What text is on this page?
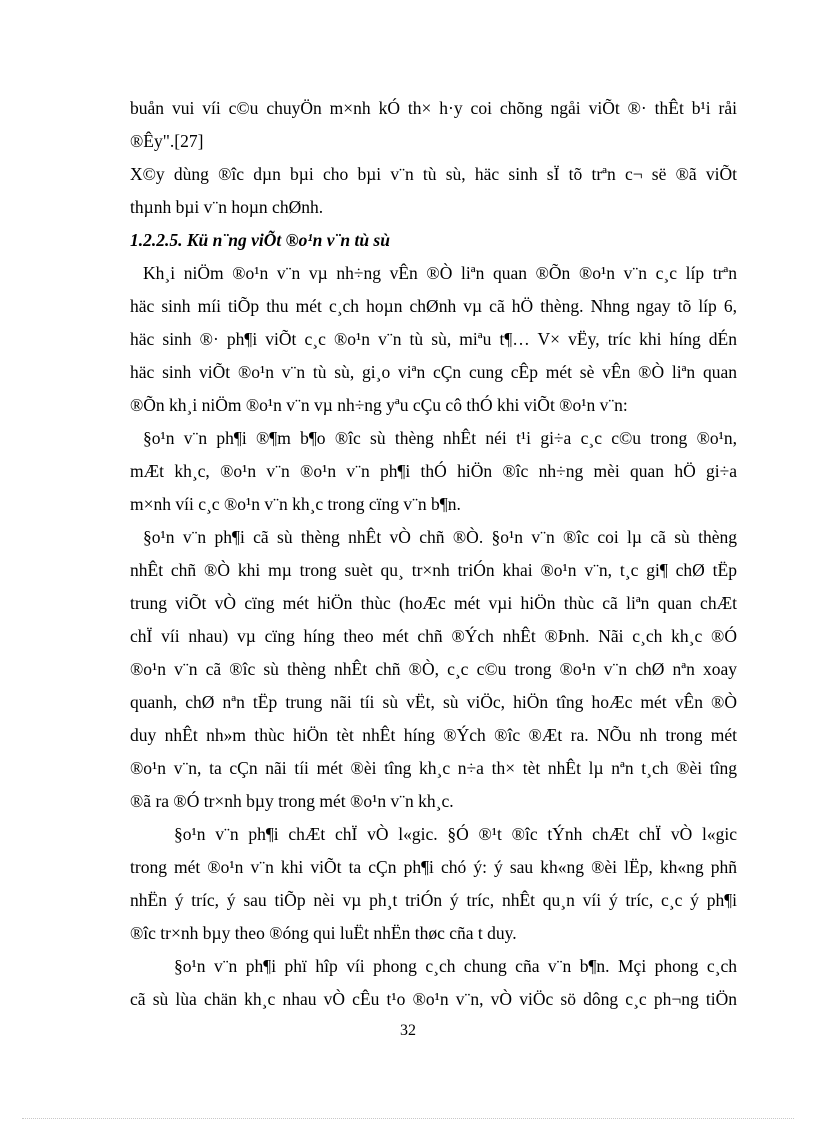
buån vui víi c©u chuyÖn m×nh kÓ th× h·y coi chõng ngåi viÕt ®· thÊt b¹i råi
®Êy".[27]
X©y dùng ®îc dµn bµi cho bµi v¨n tù sù, häc sinh sÏ tõ trªn c¬ së ®ã viÕt
thµnh bµi v¨n hoµn chØnh.
1.2.2.5. Kü n¨ng viÕt ®o¹n v¨n tù sù
Kh¸i niÖm ®o¹n v¨n vµ nh÷ng vÊn ®Ò liªn quan ®Õn ®o¹n v¨n c¸c líp trªn
häc sinh míi tiÕp thu mét c¸ch hoµn chØnh vµ cã hÖ thèng. Nhng ngay tõ líp 6,
häc sinh ®· ph¶i viÕt c¸c ®o¹n v¨n tù sù, miªu t¶… V× vËy, tríc khi híng dÉn
häc sinh viÕt ®o¹n v¨n tù sù, gi¸o viªn cÇn cung cÊp mét sè vÊn ®Ò liªn quan
®Õn kh¸i niÖm ®o¹n v¨n vµ nh÷ng yªu cÇu cô thÓ khi viÕt ®o¹n v¨n:
§o¹n v¨n ph¶i ®¶m b¶o ®îc sù thèng nhÊt néi t¹i gi÷a c¸c c©u trong ®o¹n,
mÆt kh¸c, ®o¹n v¨n ®o¹n v¨n ph¶i thÓ hiÖn ®îc nh÷ng mèi quan hÖ gi÷a
m×nh víi c¸c ®o¹n v¨n kh¸c trong cïng v¨n b¶n.
§o¹n v¨n ph¶i cã sù thèng nhÊt vÒ chñ ®Ò. §o¹n v¨n ®îc coi lµ cã sù thèng
nhÊt chñ ®Ò khi mµ trong suèt qu¸ tr×nh triÓn khai ®o¹n v¨n, t¸c gi¶ chØ tËp
trung viÕt vÒ cïng mét hiÖn thùc (hoÆc mét vµi hiÖn thùc cã liªn quan chÆt
chÏ víi nhau) vµ cïng híng theo mét chñ ®Ých nhÊt ®Þnh. Nãi c¸ch kh¸c ®Ó
®o¹n v¨n cã ®îc sù thèng nhÊt chñ ®Ò, c¸c c©u trong ®o¹n v¨n chØ nªn xoay
quanh, chØ nªn tËp trung nãi tíi sù vËt, sù viÖc, hiÖn tîng hoÆc mét vÊn ®Ò
duy nhÊt nh»m thùc hiÖn tèt nhÊt híng ®Ých ®îc ®Æt ra. NÕu nh trong mét
®o¹n v¨n, ta cÇn nãi tíi mét ®èi tîng kh¸c n÷a th× tèt nhÊt lµ nªn t¸ch ®èi tîng
®ã ra ®Ó tr×nh bµy trong mét ®o¹n v¨n kh¸c.
§o¹n v¨n ph¶i chÆt chÏ vÒ l«gic. §Ó ®¹t ®îc tÝnh chÆt chÏ vÒ l«gic
trong mét ®o¹n v¨n khi viÕt ta cÇn ph¶i chó ý: ý sau kh«ng ®èi lËp, kh«ng phñ
nhËn ý tríc, ý sau tiÕp nèi vµ ph¸t triÓn ý tríc, nhÊt qu¸n víi ý tríc, c¸c ý ph¶i
®îc tr×nh bµy theo ®óng qui luËt nhËn thøc cña t duy.
§o¹n v¨n ph¶i phï hîp víi phong c¸ch chung cña v¨n b¶n. Mçi phong c¸ch
cã sù lùa chän kh¸c nhau vÒ cÊu t¹o ®o¹n v¨n, vÒ viÖc sö dông c¸c ph¬ng tiÖn
32
